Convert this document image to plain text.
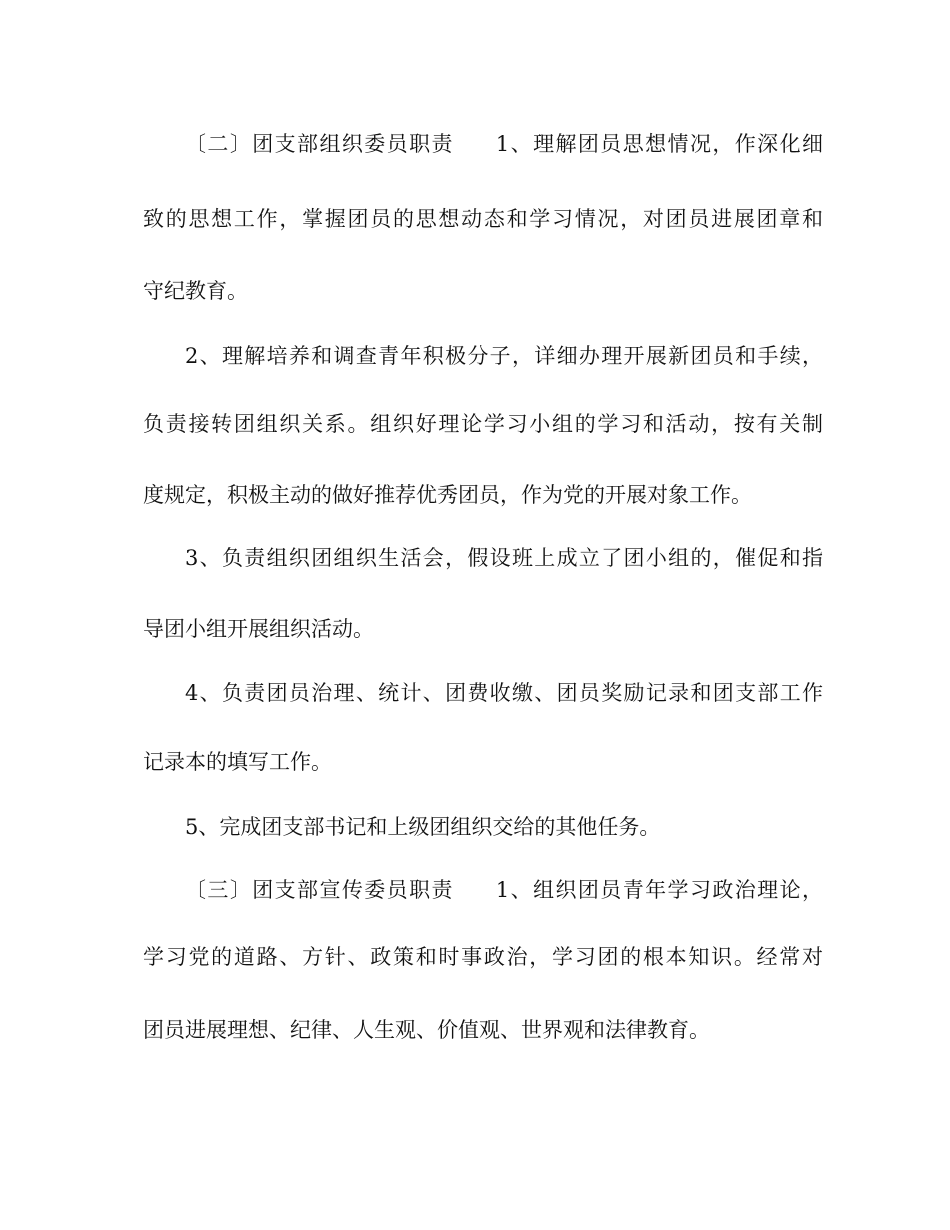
〔二〕团支部组织委员职责 1、理解团员思想情况，作深化细
致的思想工作，掌握团员的思想动态和学习情况，对团员进展团章和
守纪教育。
2、理解培养和调查青年积极分子，详细办理开展新团员和手续，
负责接转团组织关系。组织好理论学习小组的学习和活动，按有关制
度规定，积极主动的做好推荐优秀团员，作为党的开展对象工作。
3、负责组织团组织生活会，假设班上成立了团小组的，催促和指
导团小组开展组织活动。
4、负责团员治理、统计、团费收缴、团员奖励记录和团支部工作
记录本的填写工作。
5、完成团支部书记和上级团组织交给的其他任务。
〔三〕团支部宣传委员职责 1、组织团员青年学习政治理论，
学习党的道路、方针、政策和时事政治，学习团的根本知识。经常对
团员进展理想、纪律、人生观、价值观、世界观和法律教育。
